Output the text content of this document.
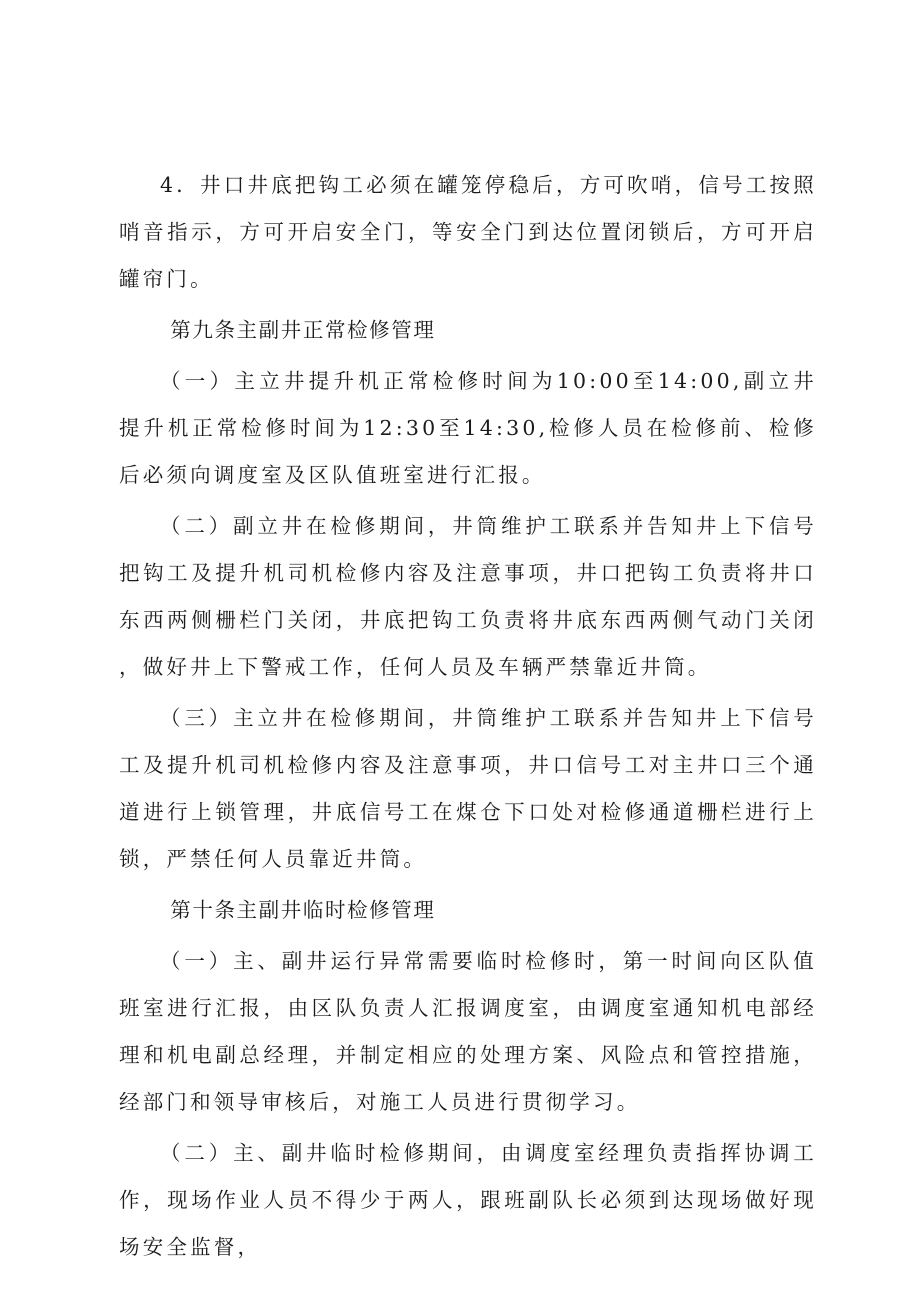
4．井口井底把钩工必须在罐笼停稳后，方可吹哨，信号工按照哨音指示，方可开启安全门，等安全门到达位置闭锁后，方可开启罐帘门。

第九条主副井正常检修管理

（一）主立井提升机正常检修时间为10:00至14:00,副立井提升机正常检修时间为12:30至14:30,检修人员在检修前、检修后必须向调度室及区队值班室进行汇报。

（二）副立井在检修期间，井筒维护工联系并告知井上下信号把钩工及提升机司机检修内容及注意事项，井口把钩工负责将井口东西两侧栅栏门关闭，井底把钩工负责将井底东西两侧气动门关闭，做好井上下警戒工作，任何人员及车辆严禁靠近井筒。

（三）主立井在检修期间，井筒维护工联系并告知井上下信号工及提升机司机检修内容及注意事项，井口信号工对主井口三个通道进行上锁管理，井底信号工在煤仓下口处对检修通道栅栏进行上锁，严禁任何人员靠近井筒。

第十条主副井临时检修管理

（一）主、副井运行异常需要临时检修时，第一时间向区队值班室进行汇报，由区队负责人汇报调度室，由调度室通知机电部经理和机电副总经理，并制定相应的处理方案、风险点和管控措施，经部门和领导审核后，对施工人员进行贯彻学习。

（二）主、副井临时检修期间，由调度室经理负责指挥协调工作，现场作业人员不得少于两人，跟班副队长必须到达现场做好现场安全监督，
